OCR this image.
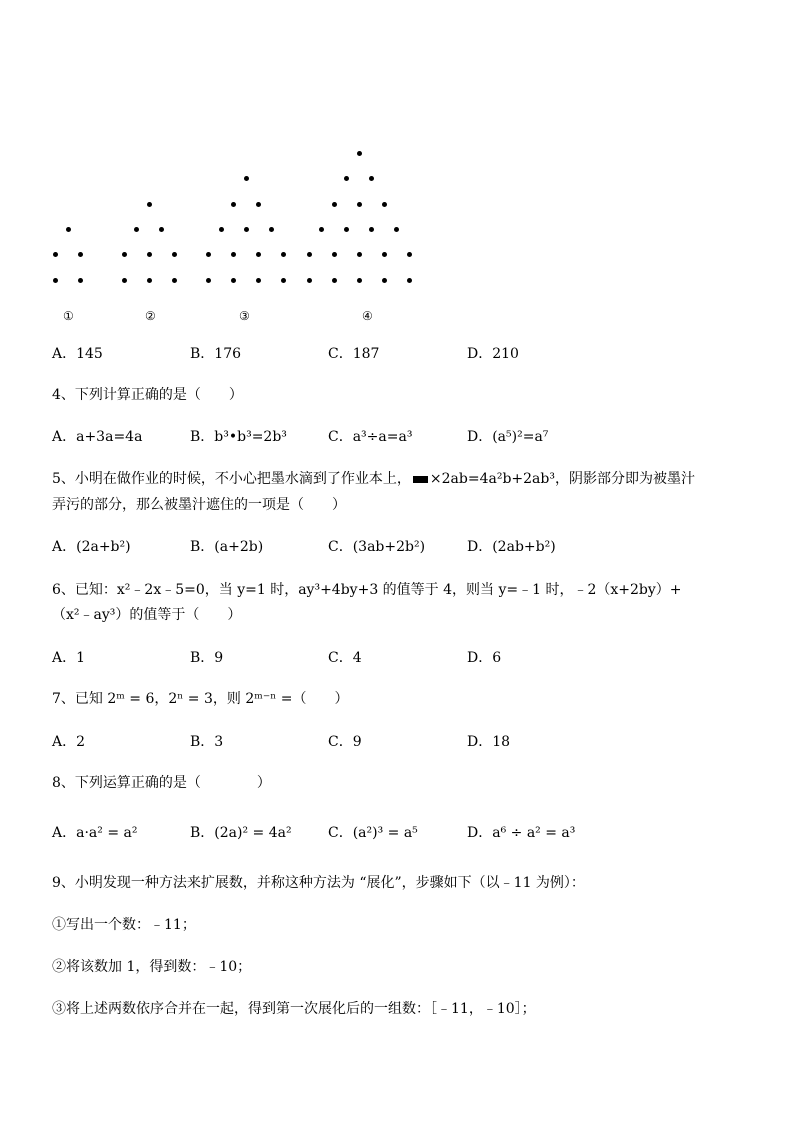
①	②	③	④
A．145	B．176	C．187	D．210
4、下列计算正确的是（　　）
A．a+3a=4a	B．b³•b³=2b³	C．a³÷a=a³	D．(a⁵)²=a⁷
5、小明在做作业的时候，不小心把墨水滴到了作业本上， ×2ab=4a²b+2ab³，阴影部分即为被墨汁
弄污的部分，那么被墨汁遮住的一项是（　　）
A．(2a+b²)	B．(a+2b)	C．(3ab+2b²)	D．(2ab+b²)
6、已知：x²﹣2x﹣5=0，当 y=1 时，ay³+4by+3 的值等于 4，则当 y=﹣1 时，﹣2（x+2by）+
（x²﹣ay³）的值等于（　　）
A．1	B．9	C．4	D．6
7、已知 2ᵐ = 6，2ⁿ = 3，则 2ᵐ⁻ⁿ =（　　）
A．2	B．3	C．9	D．18
8、下列运算正确的是（　　　　）
A．a·a² = a²	B．(2a)² = 4a²	C．(a²)³ = a⁵	D．a⁶ ÷ a² = a³
9、小明发现一种方法来扩展数，并称这种方法为 “展化”，步骤如下（以﹣11 为例）：
①写出一个数：﹣11；
②将该数加 1，得到数：﹣10；
③将上述两数依序合并在一起，得到第一次展化后的一组数：［﹣11，﹣10］；
